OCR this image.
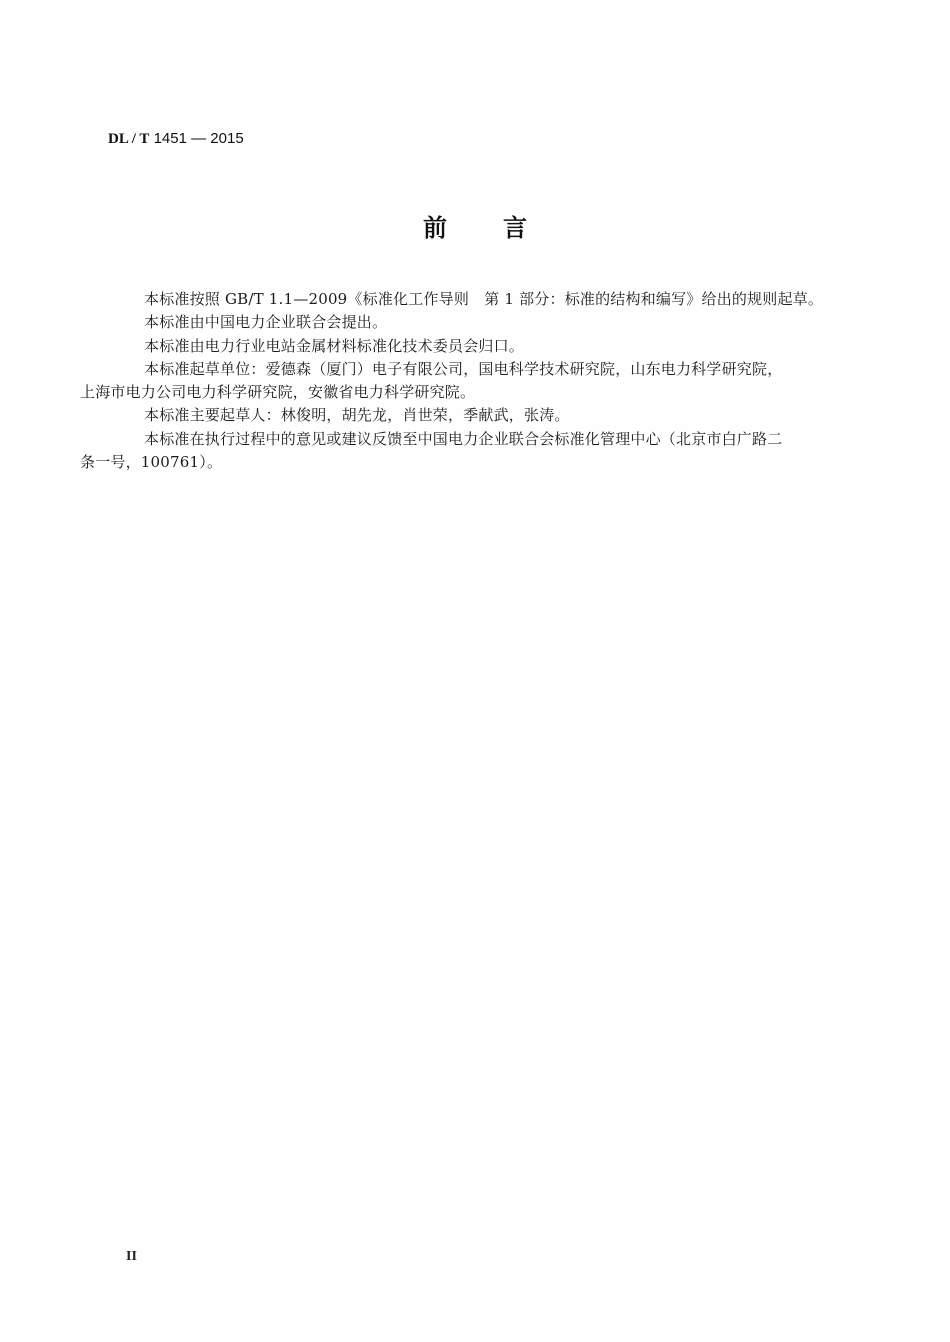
DL / T 1451 — 2015
前 言

本标准按照 GB/T 1.1—2009《标准化工作导则　第 1 部分：标准的结构和编写》给出的规则起草。

本标准由中国电力企业联合会提出。

本标准由电力行业电站金属材料标准化技术委员会归口。

本标准起草单位：爱德森（厦门）电子有限公司，国电科学技术研究院，山东电力科学研究院，
上海市电力公司电力科学研究院，安徽省电力科学研究院。

本标准主要起草人：林俊明，胡先龙，肖世荣，季献武，张涛。

本标准在执行过程中的意见或建议反馈至中国电力企业联合会标准化管理中心（北京市白广路二
条一号，100761）。

II
